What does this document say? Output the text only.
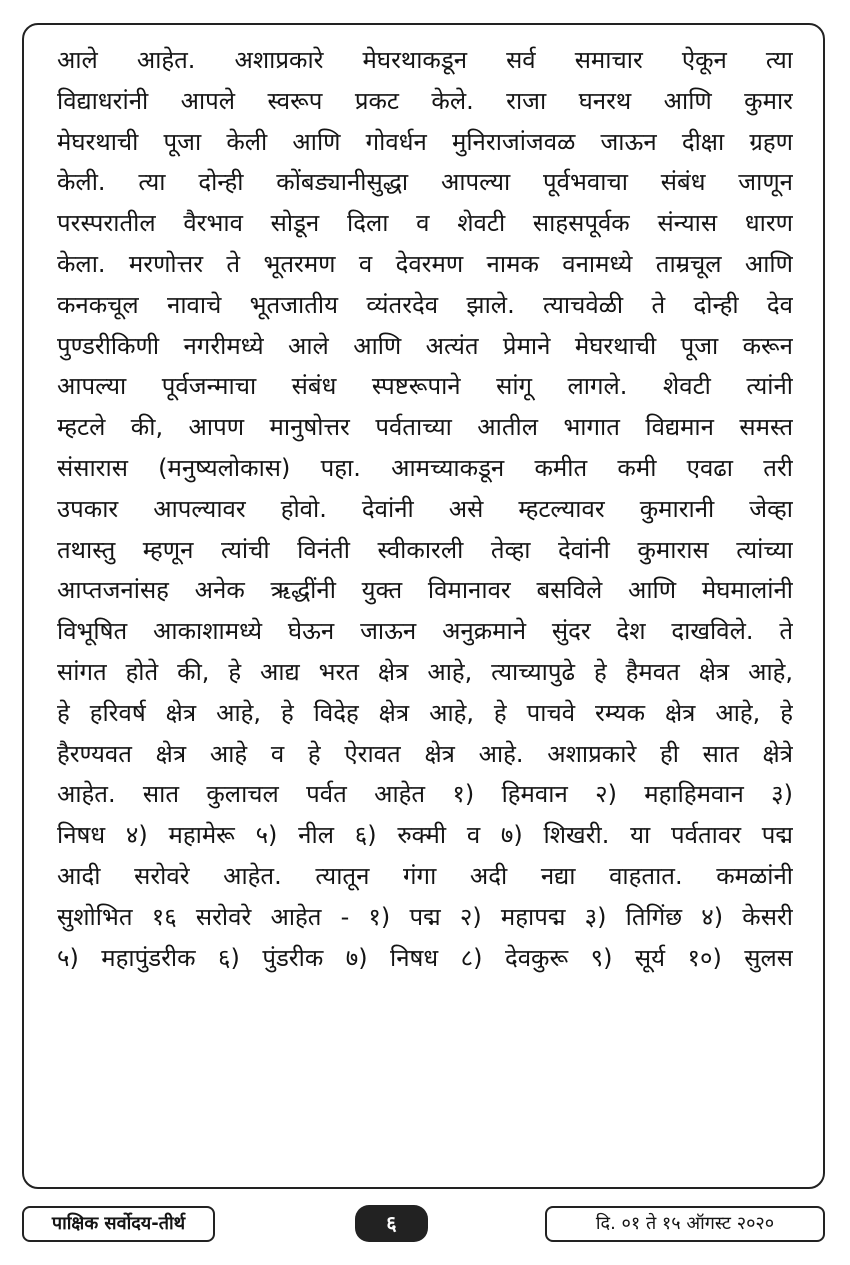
आले आहेत. अशाप्रकारे मेघरथाकडून सर्व समाचार ऐकून त्या
विद्याधरांनी आपले स्वरूप प्रकट केले. राजा घनरथ आणि कुमार
मेघरथाची पूजा केली आणि गोवर्धन मुनिराजांजवळ जाऊन दीक्षा ग्रहण
केली. त्या दोन्ही कोंबड्यानीसुद्धा आपल्या पूर्वभवाचा संबंध जाणून
परस्परातील वैरभाव सोडून दिला व शेवटी साहसपूर्वक संन्यास धारण
केला. मरणोत्तर ते भूतरमण व देवरमण नामक वनामध्ये ताम्रचूल आणि
कनकचूल नावाचे भूतजातीय व्यंतरदेव झाले. त्याचवेळी ते दोन्ही देव
पुण्डरीकिणी नगरीमध्ये आले आणि अत्यंत प्रेमाने मेघरथाची पूजा करून
आपल्या पूर्वजन्माचा संबंध स्पष्टरूपाने सांगू लागले. शेवटी त्यांनी
म्हटले की, आपण मानुषोत्तर पर्वताच्या आतील भागात विद्यमान समस्त
संसारास (मनुष्यलोकास) पहा. आमच्याकडून कमीत कमी एवढा तरी
उपकार आपल्यावर होवो. देवांनी असे म्हटल्यावर कुमारानी जेव्हा
तथास्तु म्हणून त्यांची विनंती स्वीकारली तेव्हा देवांनी कुमारास त्यांच्या
आप्तजनांसह अनेक ऋद्धींनी युक्त विमानावर बसविले आणि मेघमालांनी
विभूषित आकाशामध्ये घेऊन जाऊन अनुक्रमाने सुंदर देश दाखविले. ते
सांगत होते की, हे आद्य भरत क्षेत्र आहे, त्याच्यापुढे हे हैमवत क्षेत्र आहे,
हे हरिवर्ष क्षेत्र आहे, हे विदेह क्षेत्र आहे, हे पाचवे रम्यक क्षेत्र आहे, हे
हैरण्यवत क्षेत्र आहे व हे ऐरावत क्षेत्र आहे. अशाप्रकारे ही सात क्षेत्रे
आहेत. सात कुलाचल पर्वत आहेत १) हिमवान २) महाहिमवान ३)
निषध ४) महामेरू ५) नील ६) रुक्मी व ७) शिखरी. या पर्वतावर पद्म
आदी सरोवरे आहेत. त्यातून गंगा अदी नद्या वाहतात. कमळांनी
सुशोभित १६ सरोवरे आहेत - १) पद्म २) महापद्म ३) तिगिंछ ४) केसरी
५) महापुंडरीक ६) पुंडरीक ७) निषध ८) देवकुरू ९) सूर्य १०) सुलस
पाक्षिक सर्वोदय-तीर्थ	६	दि. ०१ ते १५ ऑगस्ट २०२०
